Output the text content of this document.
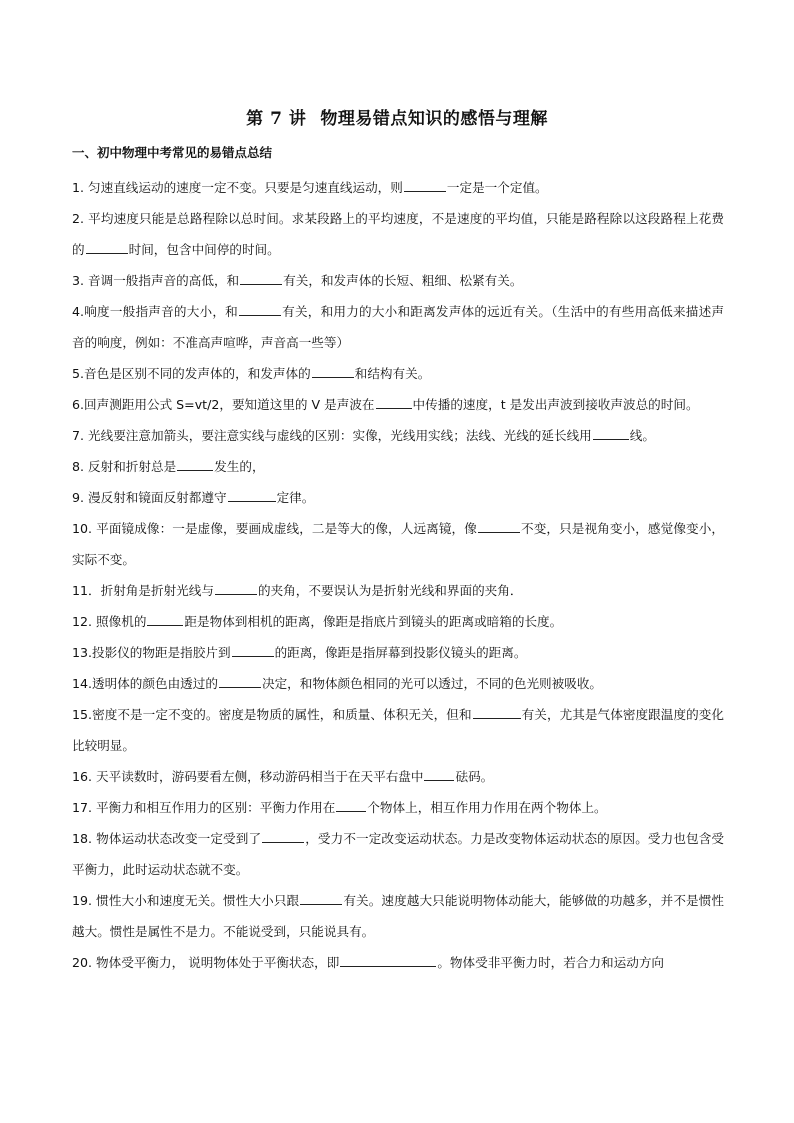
第 7 讲 物理易错点知识的感悟与理解
一、初中物理中考常见的易错点总结
1. 匀速直线运动的速度一定不变。只要是匀速直线运动，则	一定是一个定值。
2. 平均速度只能是总路程除以总时间。求某段路上的平均速度，不是速度的平均值，只能是路程除以这段路程上花费的	时间，包含中间停的时间。
3. 音调一般指声音的高低，和	有关，和发声体的长短、粗细、松紧有关。
4.响度一般指声音的大小，和	有关，和用力的大小和距离发声体的远近有关。（生活中的有些用高低来描述声音的响度，例如：不准高声喧哗，声音高一些等）
5.音色是区别不同的发声体的，和发声体的	和结构有关。
6.回声测距用公式 S=vt/2，要知道这里的 V 是声波在	中传播的速度，t 是发出声波到接收声波总的时间。
7. 光线要注意加箭头，要注意实线与虚线的区别：实像，光线用实线；法线、光线的延长线用	线。
8. 反射和折射总是	发生的，
9. 漫反射和镜面反射都遵守	定律。
10. 平面镜成像：一是虚像，要画成虚线，二是等大的像，人远离镜，像	不变，只是视角变小，感觉像变小，实际不变。
11．折射角是折射光线与	的夹角，不要误认为是折射光线和界面的夹角．
12. 照像机的	距是物体到相机的距离，像距是指底片到镜头的距离或暗箱的长度。
13.投影仪的物距是指胶片到	的距离，像距是指屏幕到投影仪镜头的距离。
14.透明体的颜色由透过的	决定，和物体颜色相同的光可以透过，不同的色光则被吸收。
15.密度不是一定不变的。密度是物质的属性，和质量、体积无关，但和	有关，尤其是气体密度跟温度的变化比较明显。
16. 天平读数时，游码要看左侧，移动游码相当于在天平右盘中	砝码。
17. 平衡力和相互作用力的区别：平衡力作用在	个物体上，相互作用力作用在两个物体上。
18. 物体运动状态改变一定受到了	，受力不一定改变运动状态。力是改变物体运动状态的原因。受力也包含受平衡力，此时运动状态就不变。
19. 惯性大小和速度无关。惯性大小只跟	有关。速度越大只能说明物体动能大，能够做的功越多，并不是惯性越大。惯性是属性不是力。不能说受到，只能说具有。
20. 物体受平衡力， 说明物体处于平衡状态，即	。物体受非平衡力时，若合力和运动方向
